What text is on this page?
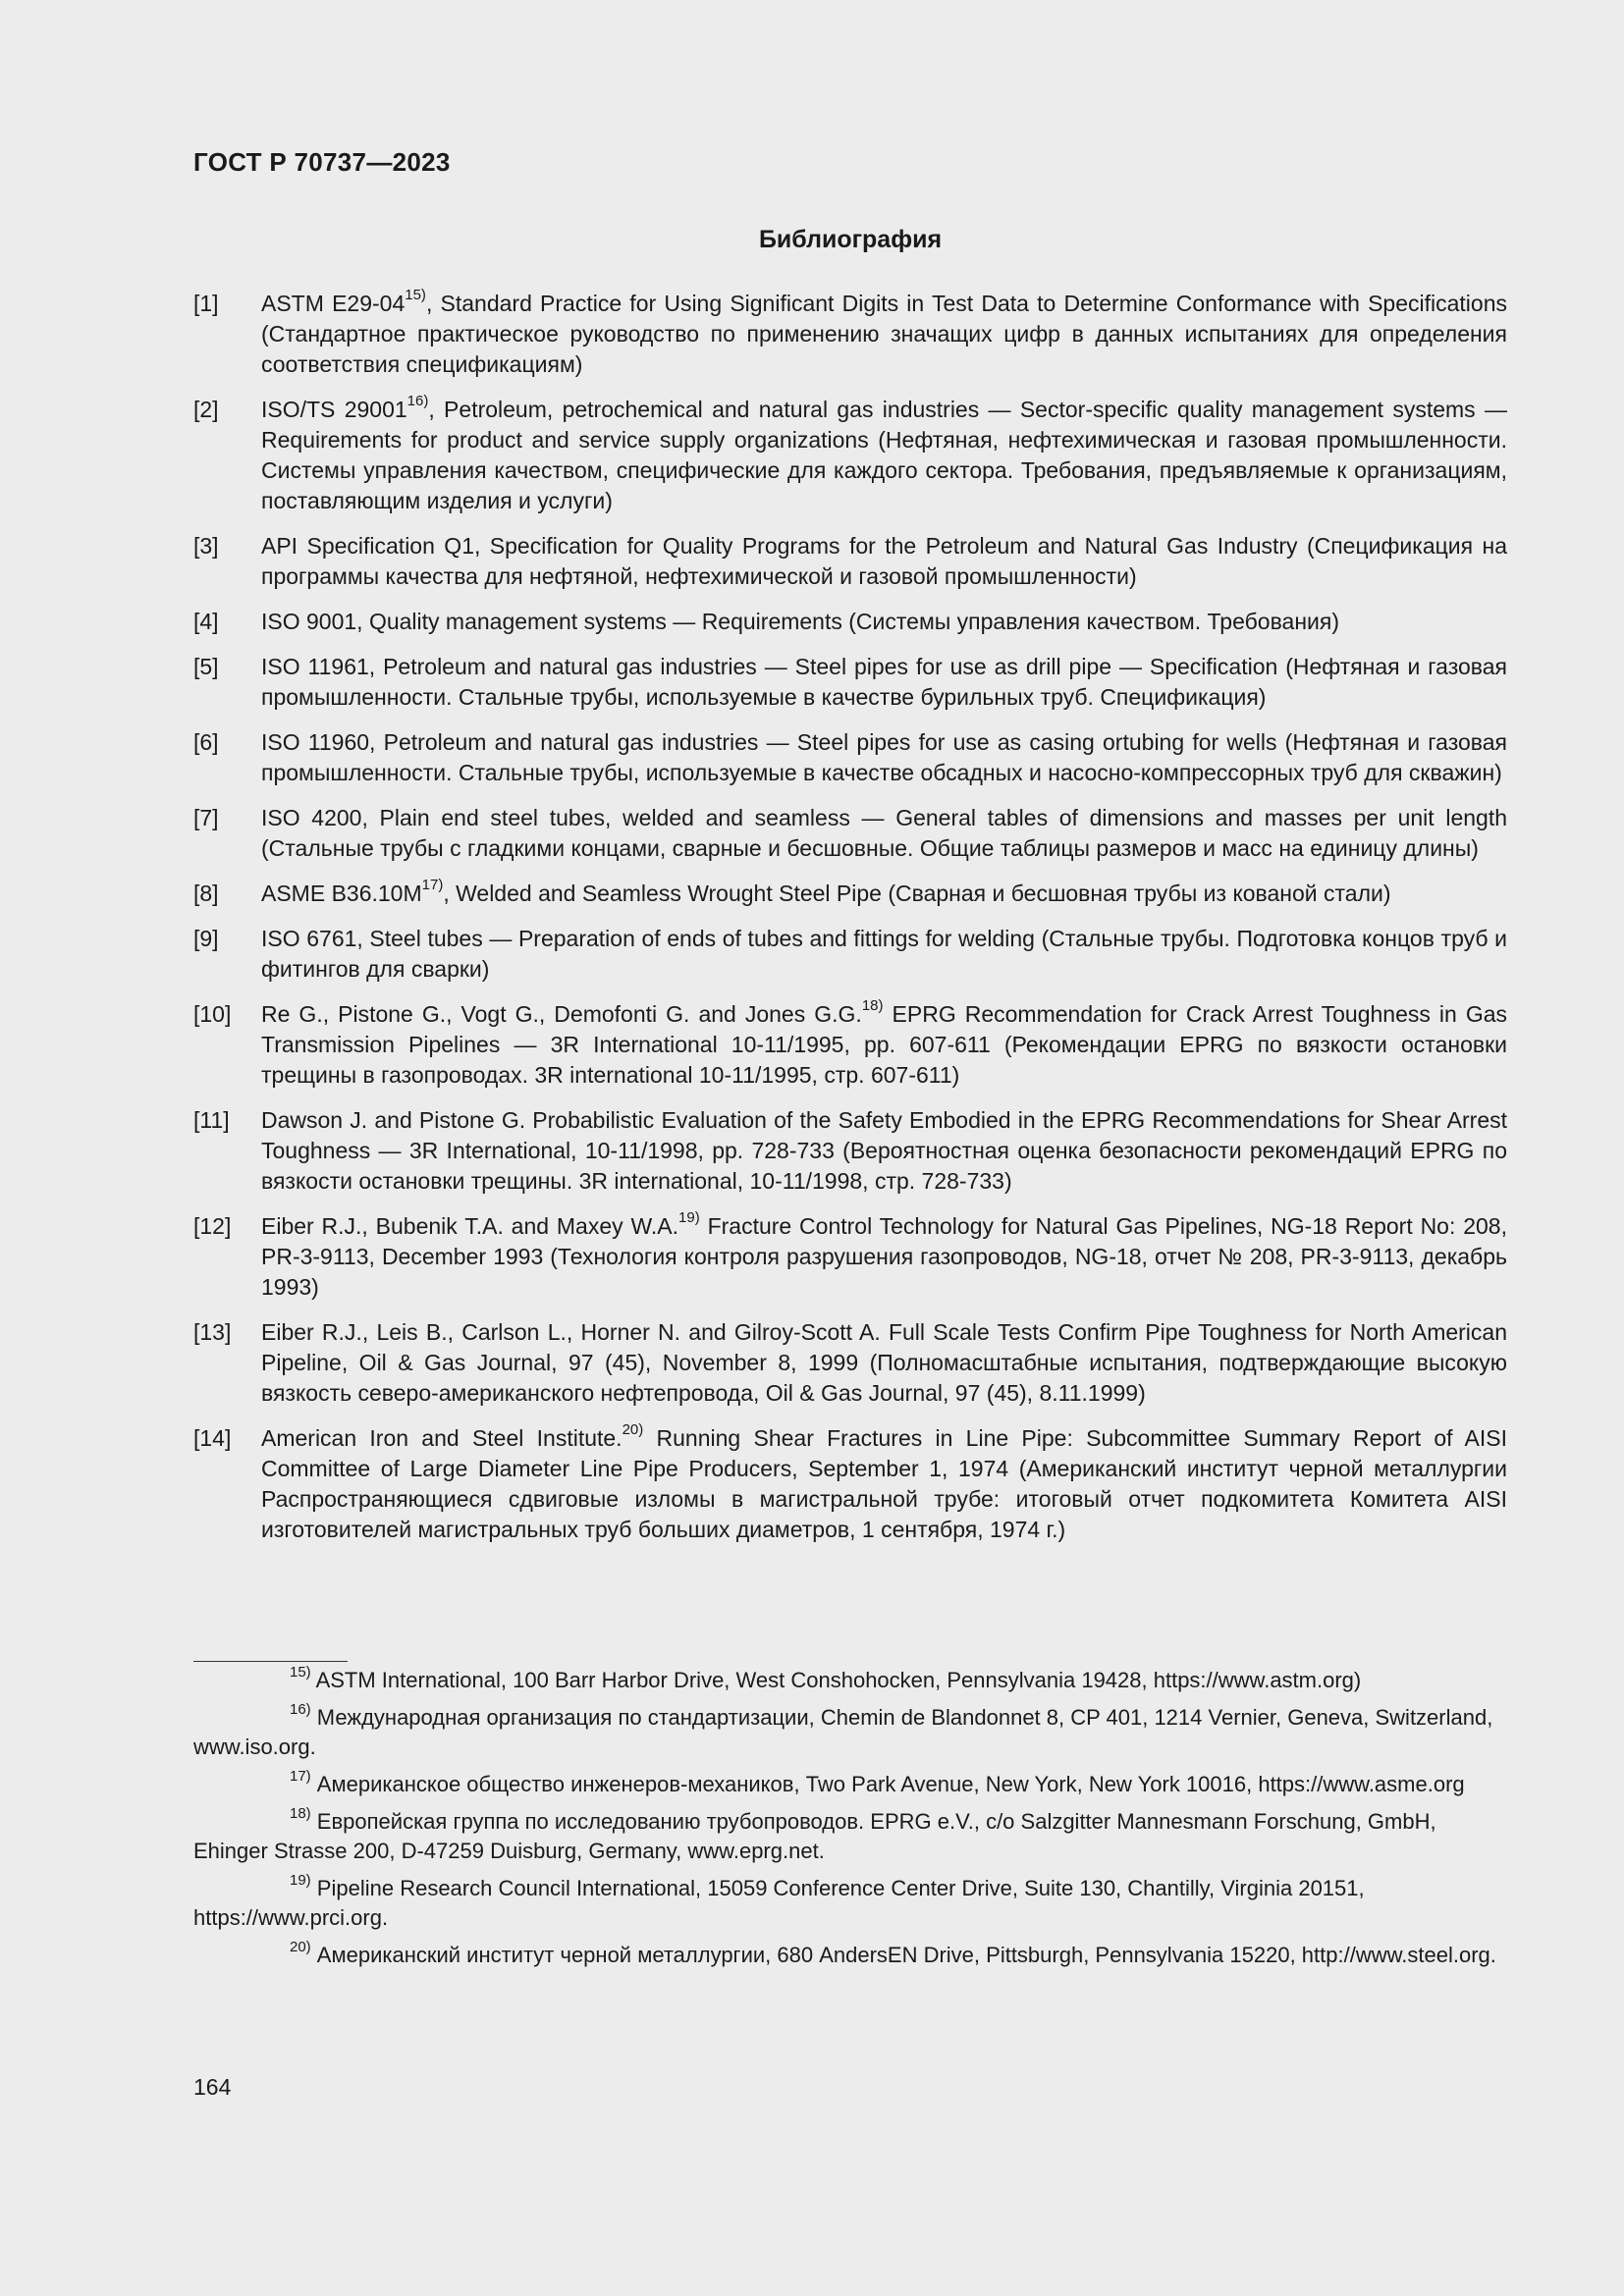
ГОСТ Р 70737—2023
Библиография
[1]	ASTM E29-04$^{15)}$, Standard Practice for Using Significant Digits in Test Data to Determine Conformance with Specifications (Стандартное практическое руководство по применению значащих цифр в данных испытаниях для определения соответствия спецификациям)
[2]	ISO/TS 29001$^{16)}$, Petroleum, petrochemical and natural gas industries — Sector-specific quality management systems — Requirements for product and service supply organizations (Нефтяная, нефтехимическая и газовая промышленности. Системы управления качеством, специфические для каждого сектора. Требования, предъявляемые к организациям, поставляющим изделия и услуги)
[3]	API Specification Q1, Specification for Quality Programs for the Petroleum and Natural Gas Industry (Спецификация на программы качества для нефтяной, нефтехимической и газовой промышленности)
[4]	ISO 9001, Quality management systems — Requirements (Системы управления качеством. Требования)
[5]	ISO 11961, Petroleum and natural gas industries — Steel pipes for use as drill pipe — Specification (Нефтяная и газовая промышленности. Стальные трубы, используемые в качестве бурильных труб. Спецификация)
[6]	ISO 11960, Petroleum and natural gas industries — Steel pipes for use as casing ortubing for wells (Нефтяная и газовая промышленности. Стальные трубы, используемые в качестве обсадных и насосно-компрессорных труб для скважин)
[7]	ISO 4200, Plain end steel tubes, welded and seamless — General tables of dimensions and masses per unit length (Стальные трубы с гладкими концами, сварные и бесшовные. Общие таблицы размеров и масс на единицу длины)
[8]	ASME $B36.10M^{17)}$, Welded and Seamless Wrought Steel Pipe (Сварная и бесшовная трубы из кованой стали)
[9]	ISO 6761, Steel tubes — Preparation of ends of tubes and fittings for welding (Стальные трубы. Подготовка концов труб и фитингов для сварки)
[10]	Re G., Pistone G., Vogt G., Demofonti G. and Jones G.G.$^{18)}$ EPRG Recommendation for Crack Arrest Toughness in Gas Transmission Pipelines — 3R International 10-11/1995, pp. 607-611 (Рекомендации EPRG по вязкости остановки трещины в газопроводах. 3R international 10-11/1995, стр. 607-611)
[11]	Dawson J. and Pistone G. Probabilistic Evaluation of the Safety Embodied in the EPRG Recommendations for Shear Arrest Toughness — 3R International, 10-11/1998, pp. 728-733 (Вероятностная оценка безопасности рекомендаций EPRG по вязкости остановки трещины. 3R international, 10-11/1998, стр. 728-733)
[12]	Eiber R.J., Bubenik T.A. and Maxey W.A.$^{19)}$ Fracture Control Technology for Natural Gas Pipelines, NG-18 Report No: 208, PR-3-9113, December 1993 (Технология контроля разрушения газопроводов, NG-18, отчет № 208, PR-3-9113, декабрь 1993)
[13]	Eiber R.J., Leis B., Carlson L., Horner N. and Gilroy-Scott A. Full Scale Tests Confirm Pipe Toughness for North American Pipeline, Oil & Gas Journal, 97 (45), November 8, 1999 (Полномасштабные испытания, подтверждающие высокую вязкость северо-американского нефтепровода, Oil & Gas Journal, 97 (45), 8.11.1999)
[14]	American Iron and Steel Institute.$^{20)}$ Running Shear Fractures in Line Pipe: Subcommittee Summary Report of AISI Committee of Large Diameter Line Pipe Producers, September 1, 1974 (Американский институт черной металлургии Распространяющиеся сдвиговые изломы в магистральной трубе: итоговый отчет подкомитета Комитета AISI изготовителей магистральных труб больших диаметров, 1 сентября, 1974 г.)
$^{15)}$ ASTM International, 100 Barr Harbor Drive, West Conshohocken, Pennsylvania 19428, https://www.astm.org)
$^{16)}$ Международная организация по стандартизации, Chemin de Blandonnet 8, CP 401, 1214 Vernier, Geneva, Switzerland, www.iso.org.
$^{17)}$ Американское общество инженеров-механиков, Two Park Avenue, New York, New York 10016, https://www.asme.org
$^{18)}$ Европейская группа по исследованию трубопроводов. EPRG e.V., c/o Salzgitter Mannesmann Forschung, GmbH, Ehinger Strasse 200, D-47259 Duisburg, Germany, www.eprg.net.
$^{19)}$ Pipeline Research Council International, 15059 Conference Center Drive, Suite 130, Chantilly, Virginia 20151, https://www.prci.org.
$^{20)}$ Американский институт черной металлургии, 680 AndersEN Drive, Pittsburgh, Pennsylvania 15220, http://www.steel.org.
164
